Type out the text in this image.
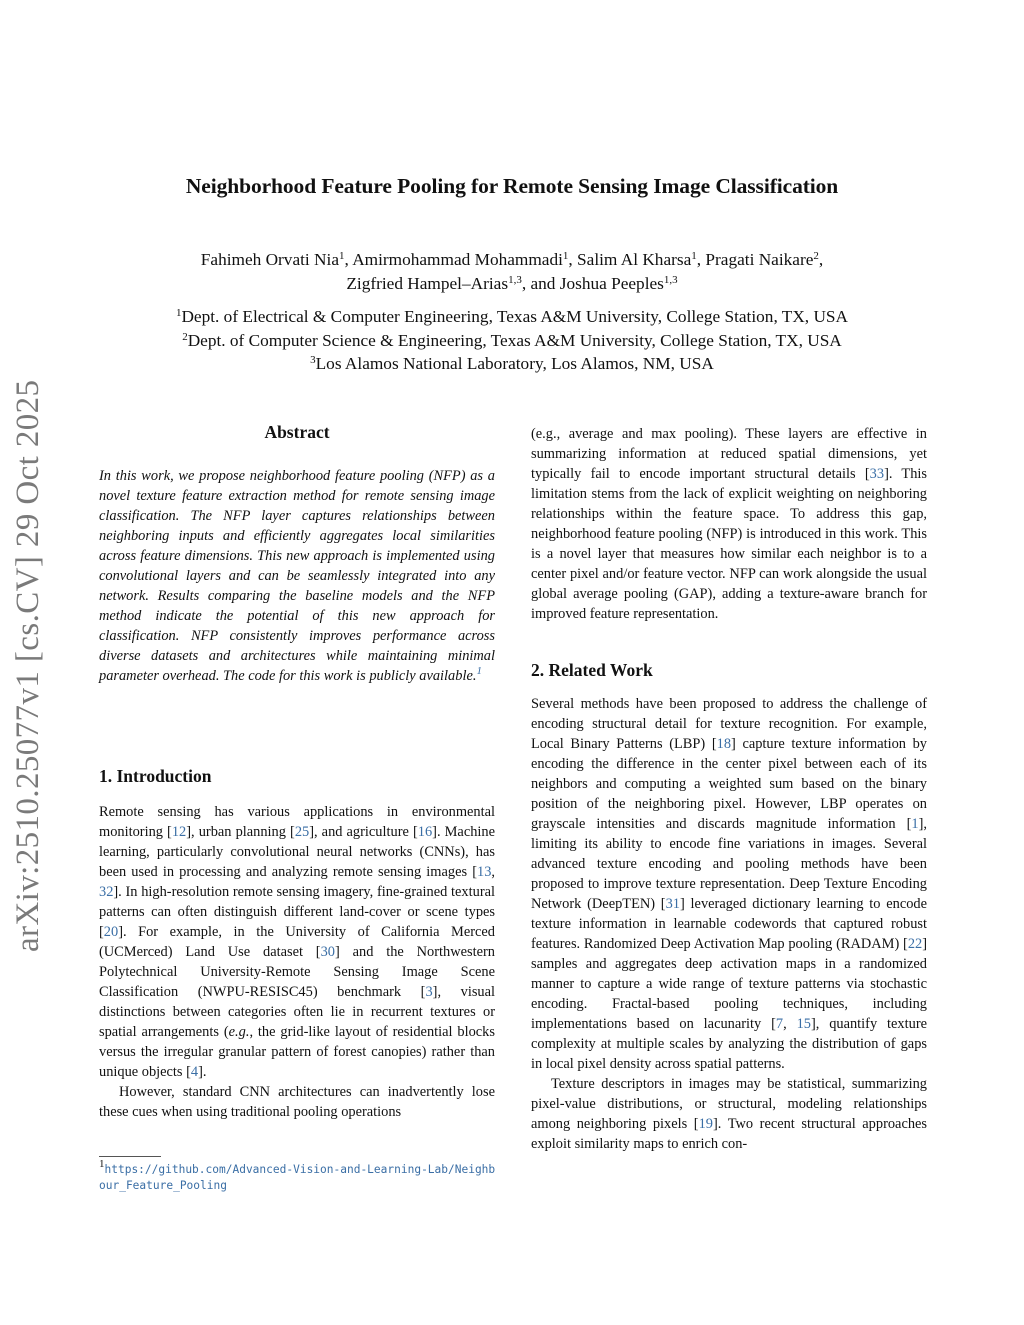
arXiv:2510.25077v1 [cs.CV] 29 Oct 2025
Neighborhood Feature Pooling for Remote Sensing Image Classification
Fahimeh Orvati Nia$^1$, Amirmohammad Mohammadi$^1$, Salim Al Kharsa$^1$, Pragati Naikare$^2$,
Zigfried Hampel–Arias$^{1,3}$, and Joshua Peeples$^{1,3}$
$^1$Dept. of Electrical & Computer Engineering, Texas A&M University, College Station, TX, USA
$^2$Dept. of Computer Science & Engineering, Texas A&M University, College Station, TX, USA
$^3$Los Alamos National Laboratory, Los Alamos, NM, USA
Abstract
In this work, we propose neighborhood feature pooling (NFP) as a novel texture feature extraction method for remote sensing image classification. The NFP layer captures relationships between neighboring inputs and efficiently aggregates local similarities across feature dimensions. This new approach is implemented using convolutional layers and can be seamlessly integrated into any network. Results comparing the baseline models and the NFP method indicate the potential of this new approach for classification. NFP consistently improves performance across diverse datasets and architectures while maintaining minimal parameter overhead. The code for this work is publicly available.$^1$
1. Introduction

Remote sensing has various applications in environmental monitoring [12], urban planning [25], and agriculture [16]. Machine learning, particularly convolutional neural networks (CNNs), has been used in processing and analyzing remote sensing images [13, 32]. In high-resolution remote sensing imagery, fine-grained textural patterns can often distinguish different land-cover or scene types [20]. For example, in the University of California Merced (UCMerced) Land Use dataset [30] and the Northwestern Polytechnical University-Remote Sensing Image Scene Classification (NWPU-RESISC45) benchmark [3], visual distinctions between categories often lie in recurrent textures or spatial arrangements (e.g., the grid-like layout of residential blocks versus the irregular granular pattern of forest canopies) rather than unique objects [4].

However, standard CNN architectures can inadvertently lose these cues when using traditional pooling operations

$^1$https://github.com/Advanced-Vision-and-Learning-Lab/Neighbour_Feature_Pooling

(e.g., average and max pooling). These layers are effective in summarizing information at reduced spatial dimensions, yet typically fail to encode important structural details [33]. This limitation stems from the lack of explicit weighting on neighboring relationships within the feature space. To address this gap, neighborhood feature pooling (NFP) is introduced in this work. This is a novel layer that measures how similar each neighbor is to a center pixel and/or feature vector. NFP can work alongside the usual global average pooling (GAP), adding a texture-aware branch for improved feature representation.

2. Related Work

Several methods have been proposed to address the challenge of encoding structural detail for texture recognition. For example, Local Binary Patterns (LBP) [18] capture texture information by encoding the difference in the center pixel between each of its neighbors and computing a weighted sum based on the binary position of the neighboring pixel. However, LBP operates on grayscale intensities and discards magnitude information [1], limiting its ability to encode fine variations in images. Several advanced texture encoding and pooling methods have been proposed to improve texture representation. Deep Texture Encoding Network (DeepTEN) [31] leveraged dictionary learning to encode texture information in learnable codewords that captured robust features. Randomized Deep Activation Map pooling (RADAM) [22] samples and aggregates deep activation maps in a randomized manner to capture a wide range of texture patterns via stochastic encoding. Fractal-based pooling techniques, including implementations based on lacunarity [7, 15], quantify texture complexity at multiple scales by analyzing the distribution of gaps in local pixel density across spatial patterns.

Texture descriptors in images may be statistical, summarizing pixel-value distributions, or structural, modeling relationships among neighboring pixels [19]. Two recent structural approaches exploit similarity maps to enrich con-
